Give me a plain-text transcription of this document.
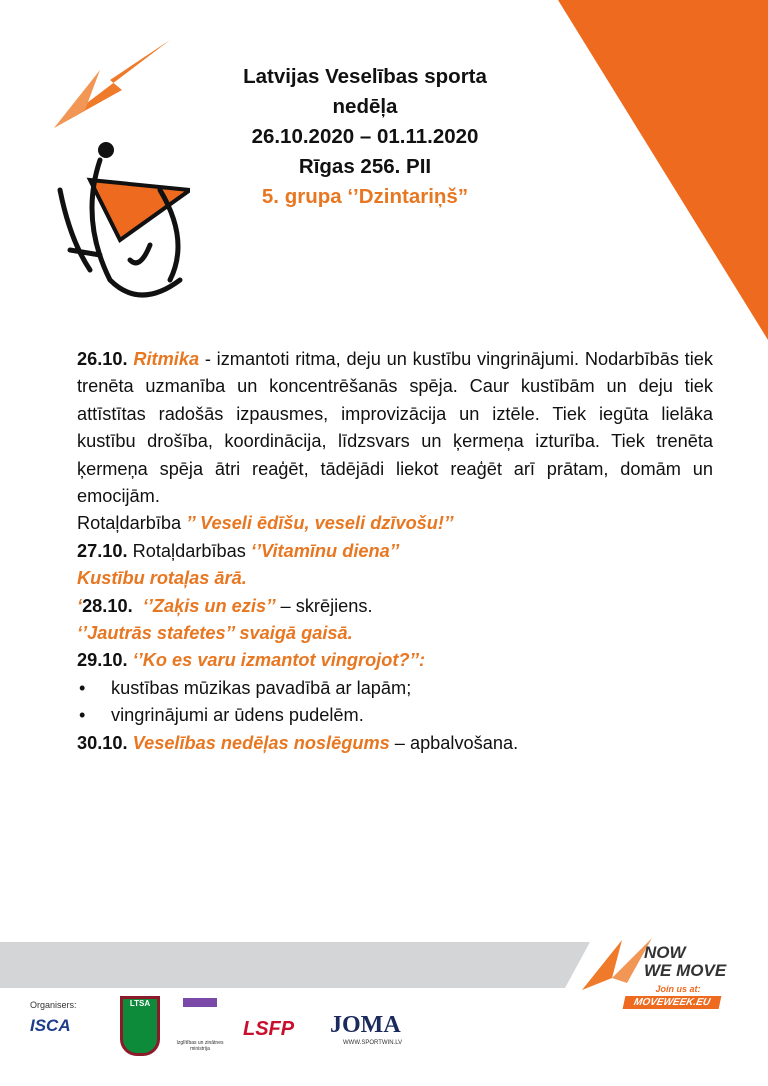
Latvijas Veselības sporta
nedēļa
26.10.2020 – 01.11.2020
Rīgas 256. PII
5. grupa ‘’Dzintariņš”

26.10. Ritmika - izmantoti ritma, deju un kustību vingrinājumi. Nodarbībās tiek trenēta uzmanība un koncentrēšanās spēja. Caur kustībām un deju tiek attīstītas radošās izpausmes, improvizācija un iztēle. Tiek iegūta lielāka kustību drošība, koordinācija, līdzsvars un ķermeņa izturība. Tiek trenēta ķermeņa spēja ātri reaģēt, tādējādi liekot reaģēt arī prātam, domām un emocijām.

Rotaļdarbība ’’ Veseli ēdīšu, veseli dzīvošu!’’

27.10. Rotaļdarbības ‘’Vitamīnu diena’’

Kustību rotaļas ārā.

‘28.10.  ‘’Zaķis un ezis’’ – skrējiens.

‘’Jautrās stafetes’’ svaigā gaisā.

29.10. ‘’Ko es varu izmantot vingrojot?’’:

• kustības mūzikas pavadībā ar lapām;
• vingrinājumi ar ūdens pudelēm.

30.10. Veselības nedēļas noslēgums – apbalvošana.

Organisers:
ISCA
LTSA
Izglītības un zinātnes ministrija
LSFP JOMA
WWW.SPORTWIN.LV
NOW
WE MOVE
Join us at:
MOVEWEEK.EU
